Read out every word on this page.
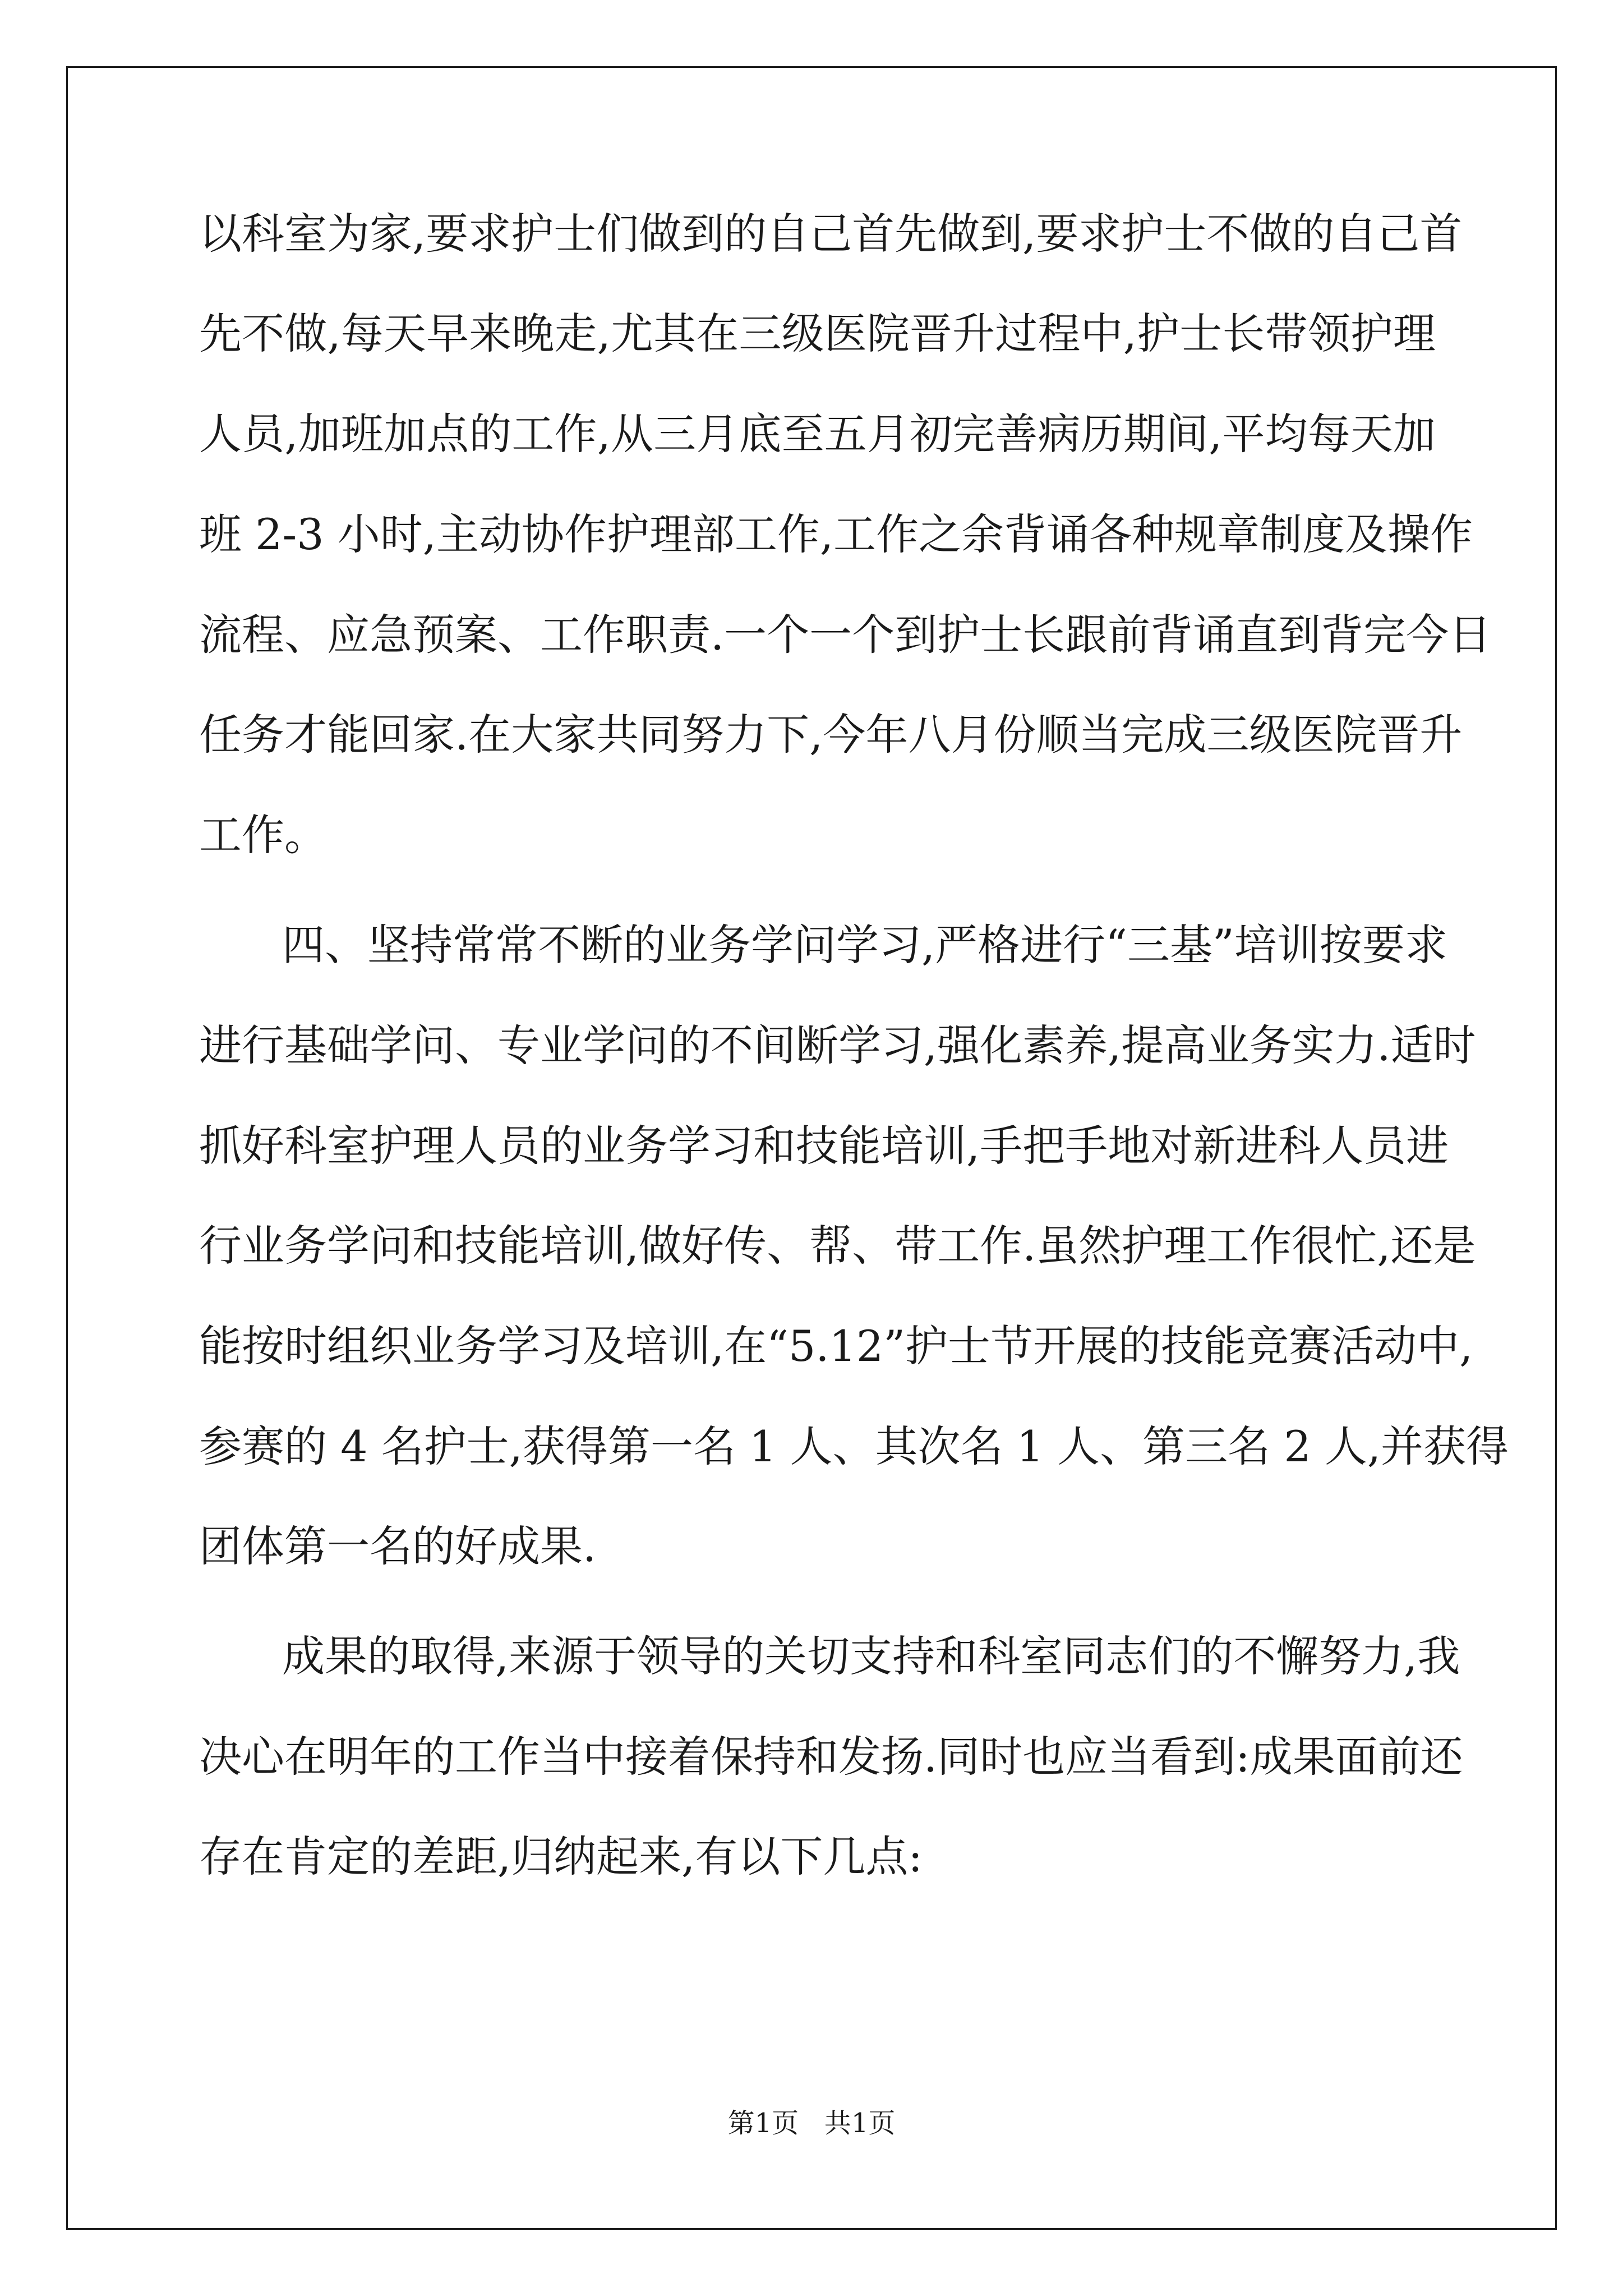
以科室为家,要求护士们做到的自己首先做到,要求护士不做的自己首
先不做,每天早来晚走,尤其在三级医院晋升过程中,护士长带领护理
人员,加班加点的工作,从三月底至五月初完善病历期间,平均每天加
班 2-3 小时,主动协作护理部工作,工作之余背诵各种规章制度及操作
流程、应急预案、工作职责.一个一个到护士长跟前背诵直到背完今日
任务才能回家.在大家共同努力下,今年八月份顺当完成三级医院晋升
工作。
四、坚持常常不断的业务学问学习,严格进行“三基”培训按要求
进行基础学问、专业学问的不间断学习,强化素养,提高业务实力.适时
抓好科室护理人员的业务学习和技能培训,手把手地对新进科人员进
行业务学问和技能培训,做好传、帮、带工作.虽然护理工作很忙,还是
能按时组织业务学习及培训,在“5.12”护士节开展的技能竞赛活动中,
参赛的 4 名护士,获得第一名 1 人、其次名 1 人、第三名 2 人,并获得
团体第一名的好成果.
成果的取得,来源于领导的关切支持和科室同志们的不懈努力,我
决心在明年的工作当中接着保持和发扬.同时也应当看到:成果面前还
存在肯定的差距,归纳起来,有以下几点:
第1页   共1页
